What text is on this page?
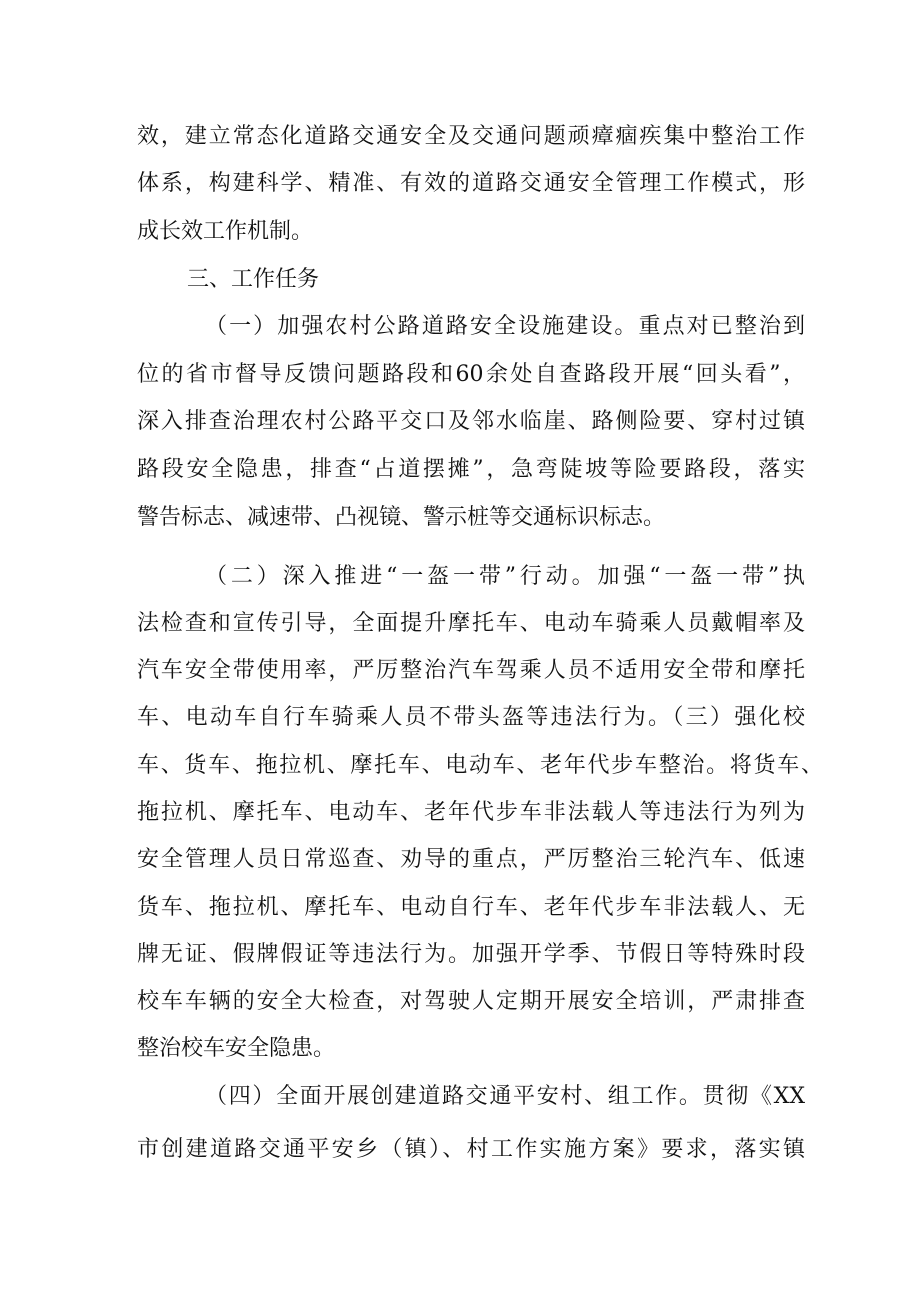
效，建立常态化道路交通安全及交通问题顽瘴痼疾集中整治工作
体系，构建科学、精准、有效的道路交通安全管理工作模式，形
成长效工作机制。
三、工作任务
（一）加强农村公路道路安全设施建设。重点对已整治到
位的省市督导反馈问题路段和60余处自查路段开展“回头看”，
深入排查治理农村公路平交口及邻水临崖、路侧险要、穿村过镇
路段安全隐患，排查“占道摆摊”，急弯陡坡等险要路段，落实
警告标志、减速带、凸视镜、警示桩等交通标识标志。
（二）深入推进“一盔一带”行动。加强“一盔一带”执
法检查和宣传引导，全面提升摩托车、电动车骑乘人员戴帽率及
汽车安全带使用率，严厉整治汽车驾乘人员不适用安全带和摩托
车、电动车自行车骑乘人员不带头盔等违法行为。（三）强化校
车、货车、拖拉机、摩托车、电动车、老年代步车整治。将货车、
拖拉机、摩托车、电动车、老年代步车非法载人等违法行为列为
安全管理人员日常巡查、劝导的重点，严厉整治三轮汽车、低速
货车、拖拉机、摩托车、电动自行车、老年代步车非法载人、无
牌无证、假牌假证等违法行为。加强开学季、节假日等特殊时段
校车车辆的安全大检查，对驾驶人定期开展安全培训，严肃排查
整治校车安全隐患。
（四）全面开展创建道路交通平安村、组工作。贯彻《XX
市创建道路交通平安乡（镇）、村工作实施方案》要求，落实镇
